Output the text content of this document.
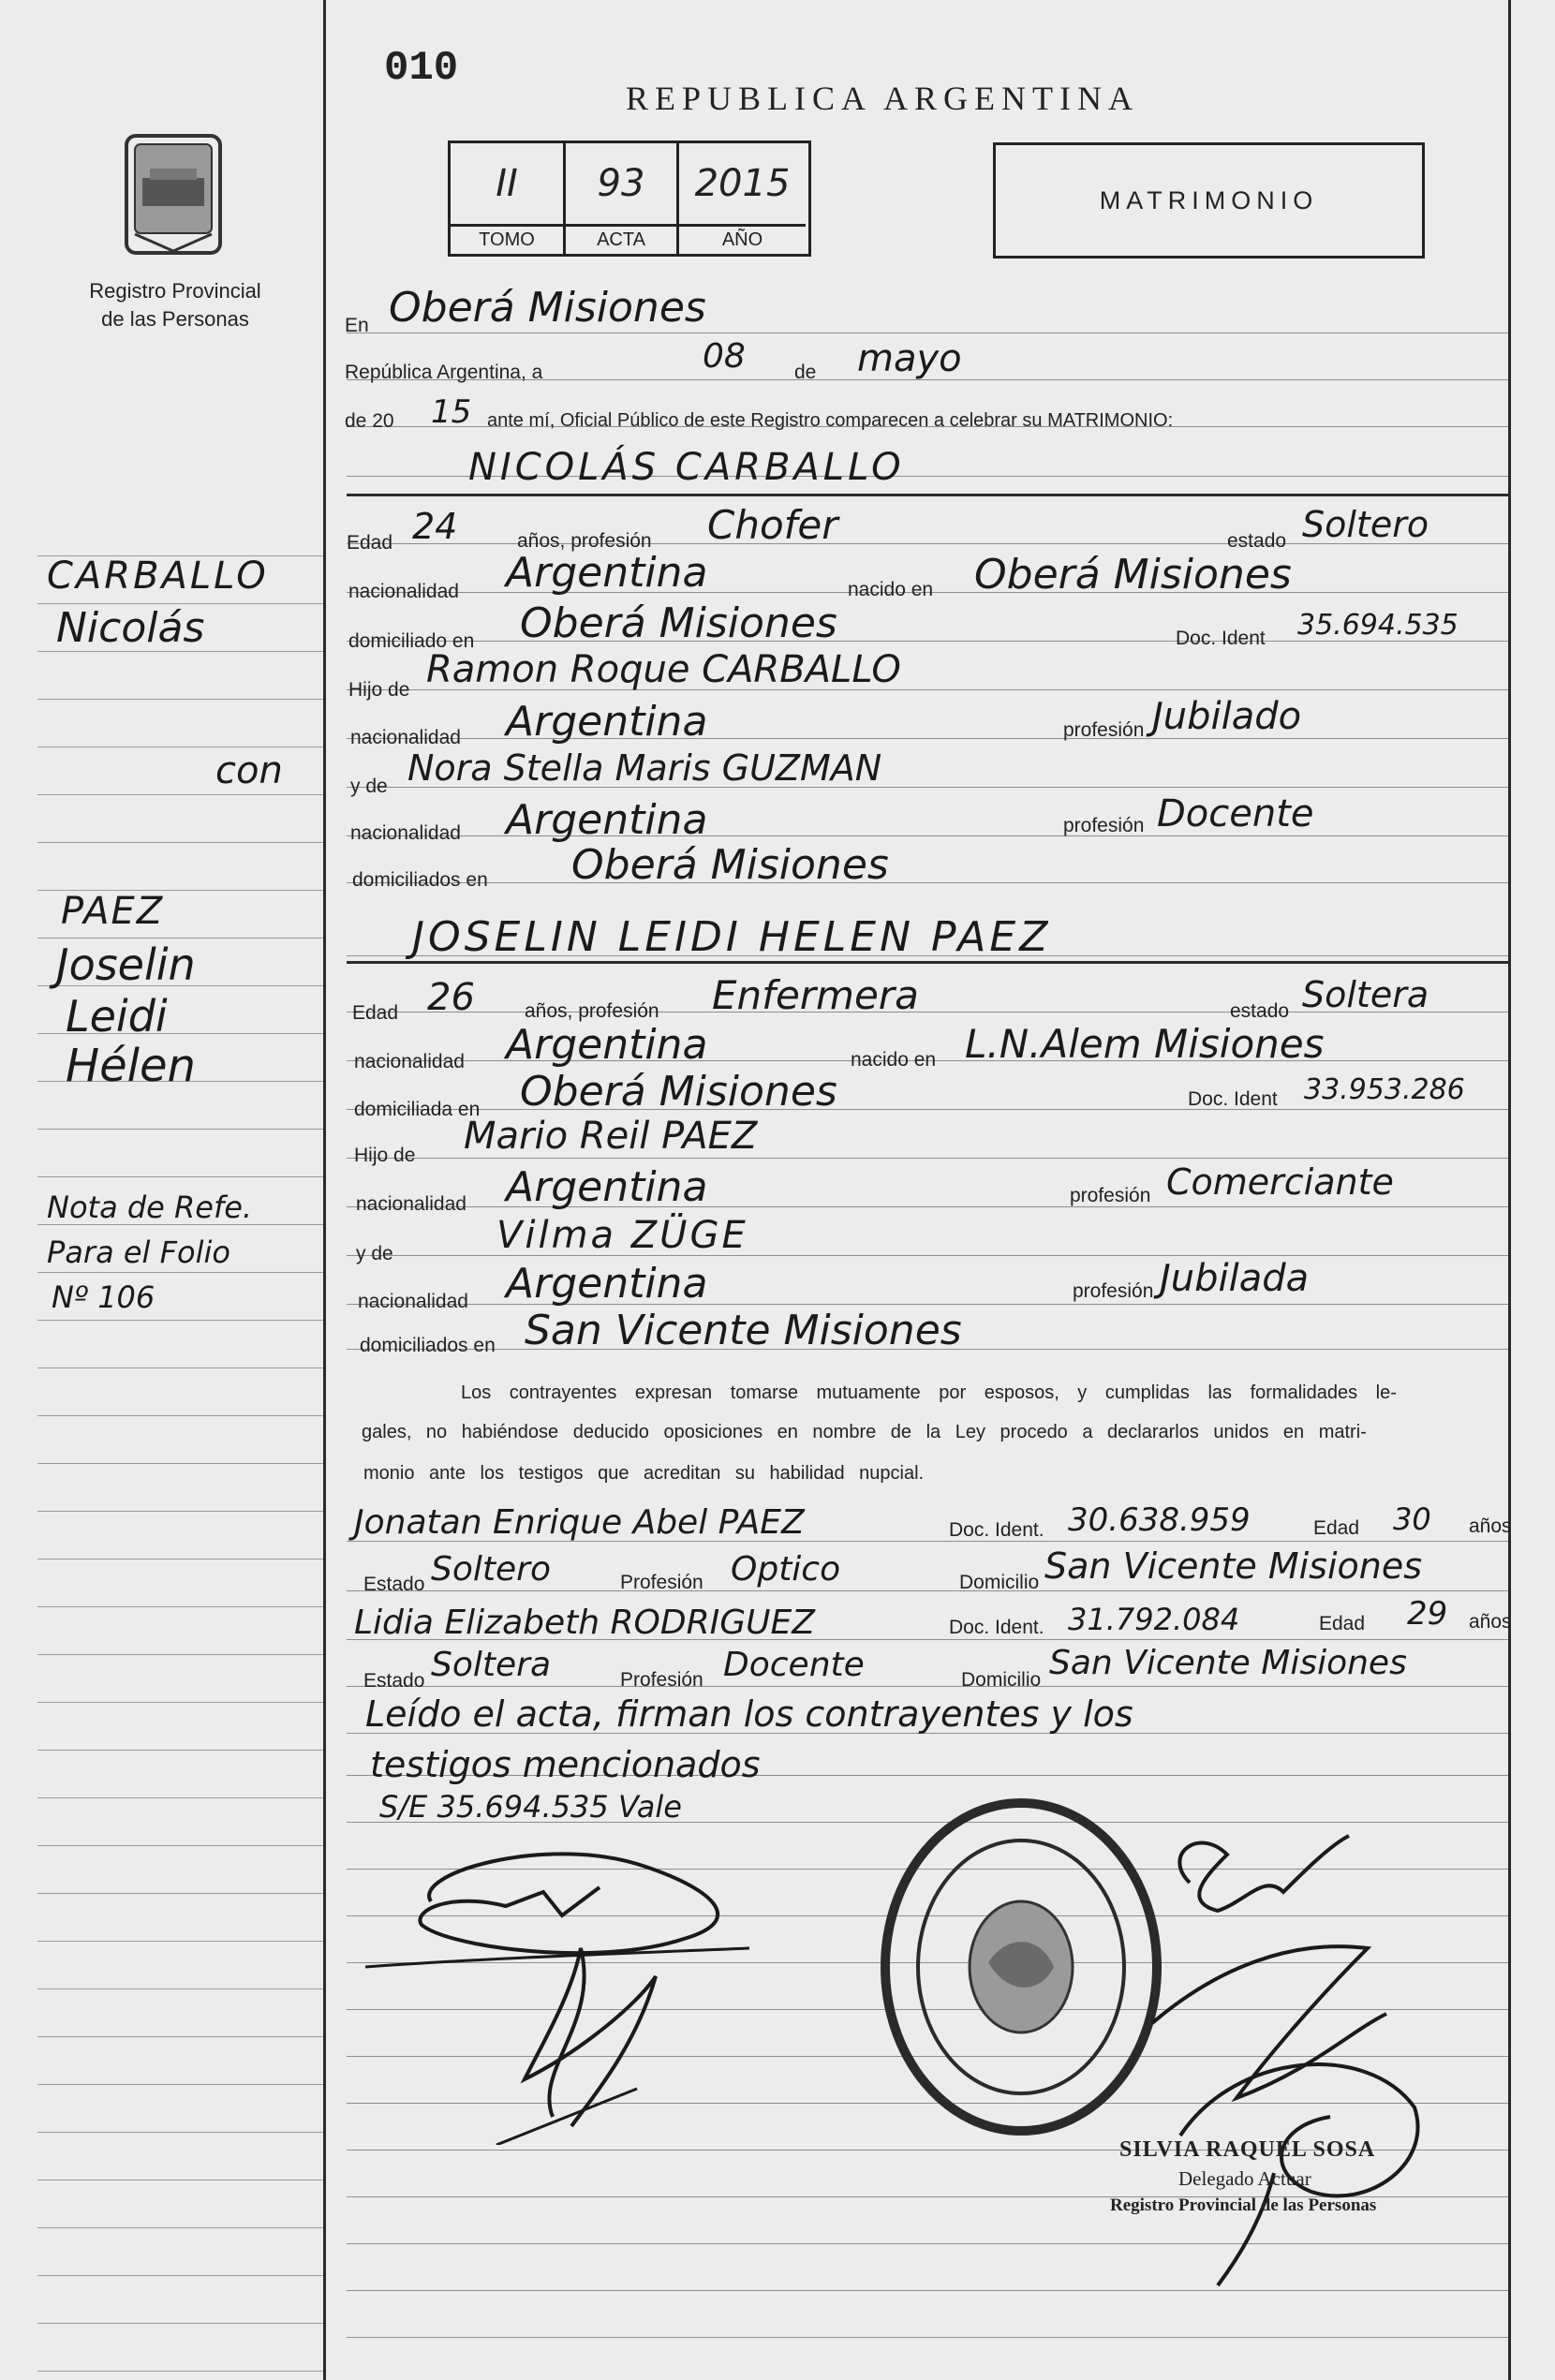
010
REPUBLICA ARGENTINA
Registro Provincial
de las Personas
II	93	2015
TOMO	ACTA	AÑO
MATRIMONIO
CARBALLO
Nicolás
con
PAEZ
Joselin
Leidi
Hélen
Nota de Refe.
Para el Folio
Nº 106
En Oberá Misiones
República Argentina, a	08 de mayo
de 20 15 ante mí, Oficial Público de este Registro comparecen a celebrar su MATRIMONIO:
NICOLÁS CARBALLO
Edad 24	años, profesión Chofer	estado Soltero
nacionalidad Argentina	nacido en Oberá Misiones
domiciliado en Oberá Misiones	Doc. Ident 35.694.535
Hijo de Ramon Roque CARBALLO
nacionalidad Argentina	profesión Jubilado
y de Nora Stella Maris GUZMAN
nacionalidad Argentina	profesión Docente
domiciliados en Oberá Misiones
JOSELIN LEIDI HELEN PAEZ
Edad 26	años, profesión Enfermera	estado Soltera
nacionalidad Argentina	nacido en L.N.Alem Misiones
domiciliada en Oberá Misiones	Doc. Ident 33.953.286
Hijo de Mario Reil PAEZ
nacionalidad Argentina	profesión Comerciante
y de	Vilma ZÜGE
nacionalidad Argentina	profesión Jubilada
domiciliados en San Vicente Misiones
Los contrayentes expresan tomarse mutuamente por esposos, y cumplidas las formalidades le-
gales, no habiéndose deducido oposiciones en nombre de la Ley procedo a declararlos unidos en matri-
monio ante los testigos que acreditan su habilidad nupcial.
Jonatan Enrique Abel PAEZ	Doc. Ident. 30.638.959	Edad 30 años
Estado Soltero	Profesión Optico	Domicilio San Vicente Misiones
Lidia Elizabeth RODRIGUEZ	Doc. Ident. 31.792.084	Edad 29 años
Estado Soltera	Profesión Docente	Domicilio San Vicente Misiones
Leído el acta, firman los contrayentes y los
testigos mencionados
S/E 35.694.535 Vale
SILVIA RAQUEL SOSA
Delegado Actuar
Registro Provincial de las Personas
